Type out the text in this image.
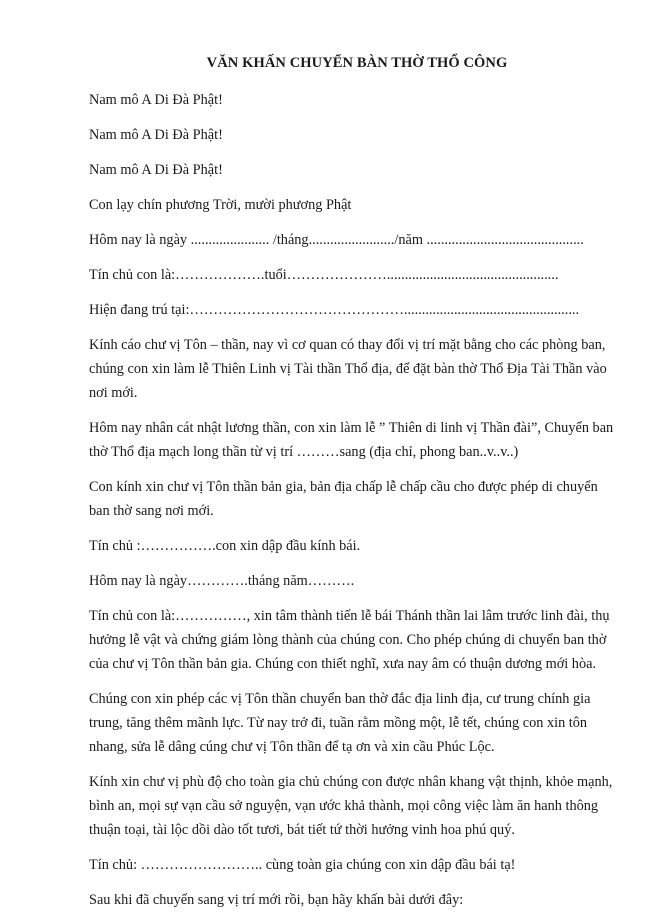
VĂN KHẤN CHUYỂN BÀN THỜ THỔ CÔNG

Nam mô A Di Đà Phật!

Nam mô A Di Đà Phật!

Nam mô A Di Đà Phật!

Con lạy chín phương Trời, mười phương Phật

Hôm nay là ngày ...................... /tháng......................../năm ............................................

Tín chủ con là:……………….tuổi…………………................................................

Hiện đang trú tại:……………………………………….................................................

Kính cáo chư vị Tôn – thần, nay vì cơ quan có thay đổi vị trí mặt bằng cho các phòng ban, chúng con xin làm lễ Thiên Linh vị Tài thần Thổ địa, để đặt bàn thờ Thổ Địa Tài Thần vào nơi mới.

Hôm nay nhân cát nhật lương thần, con xin làm lễ ” Thiên di linh vị Thần đài”, Chuyển ban thờ Thổ địa mạch long thần từ vị trí ………sang (địa chỉ, phong ban..v..v..)

Con kính xin chư vị Tôn thần bản gia, bản địa chấp lễ chấp cầu cho được phép di chuyển ban thờ sang nơi mới.

Tín chủ :…………….con xin dập đầu kính bái.

Hôm nay là ngày………….tháng năm……….

Tín chủ con là:……………, xin tâm thành tiến lễ bái Thánh thần lai lâm trước linh đài, thụ hưởng lễ vật và chứng giám lòng thành của chúng con. Cho phép chúng di chuyển ban thờ của chư vị Tôn thần bản gia. Chúng con thiết nghĩ, xưa nay âm có thuận dương mới hòa.

Chúng con xin phép các vị Tôn thần chuyển ban thờ đắc địa linh địa, cư trung chính gia trung, tăng thêm mãnh lực. Từ nay trở đi, tuần rằm mồng một, lễ tết, chúng con xin tôn nhang, sửa lễ dâng cúng chư vị Tôn thần để tạ ơn và xin cầu Phúc Lộc.

Kính xin chư vị phù độ cho toàn gia chủ chúng con được nhân khang vật thịnh, khỏe mạnh, bình an, mọi sự vạn cầu sở nguyện, vạn ước khả thành, mọi công việc làm ăn hanh thông thuận toại, tài lộc dồi dào tốt tươi, bát tiết tứ thời hưởng vinh hoa phú quý.

Tín chủ: …………………….. cùng toàn gia chúng con xin dập đầu bái tạ!

Sau khi đã chuyển sang vị trí mới rồi, bạn hãy khấn bài dưới đây:
